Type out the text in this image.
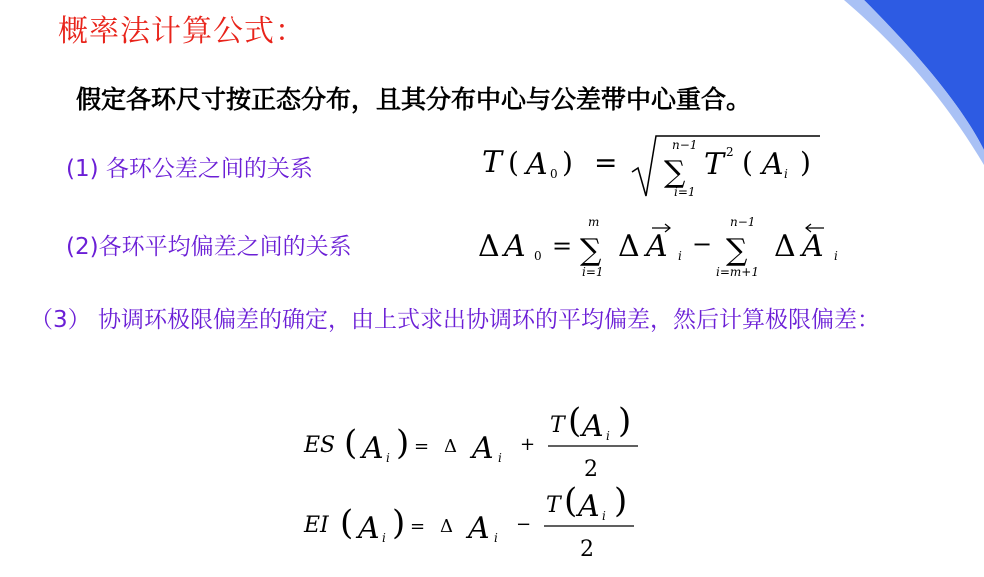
概率法计算公式：
假定各环尺寸按正态分布，且其分布中心与公差带中心重合。
(1) 各环公差之间的关系
(2)各环平均偏差之间的关系
（3） 协调环极限偏差的确定，由上式求出协调环的平均偏差，然后计算极限偏差：
T ( A 0 ) =
n−1
∑
i=1
T 2 ( A i )
Δ A 0 =
m
∑
i=1
Δ A i −
n−1
∑
i=m+1
Δ A i
ES ( A i ) = Δ A i
+
T ( A i )
2
EI ( A i ) = Δ A i
−
T ( A i )
2
